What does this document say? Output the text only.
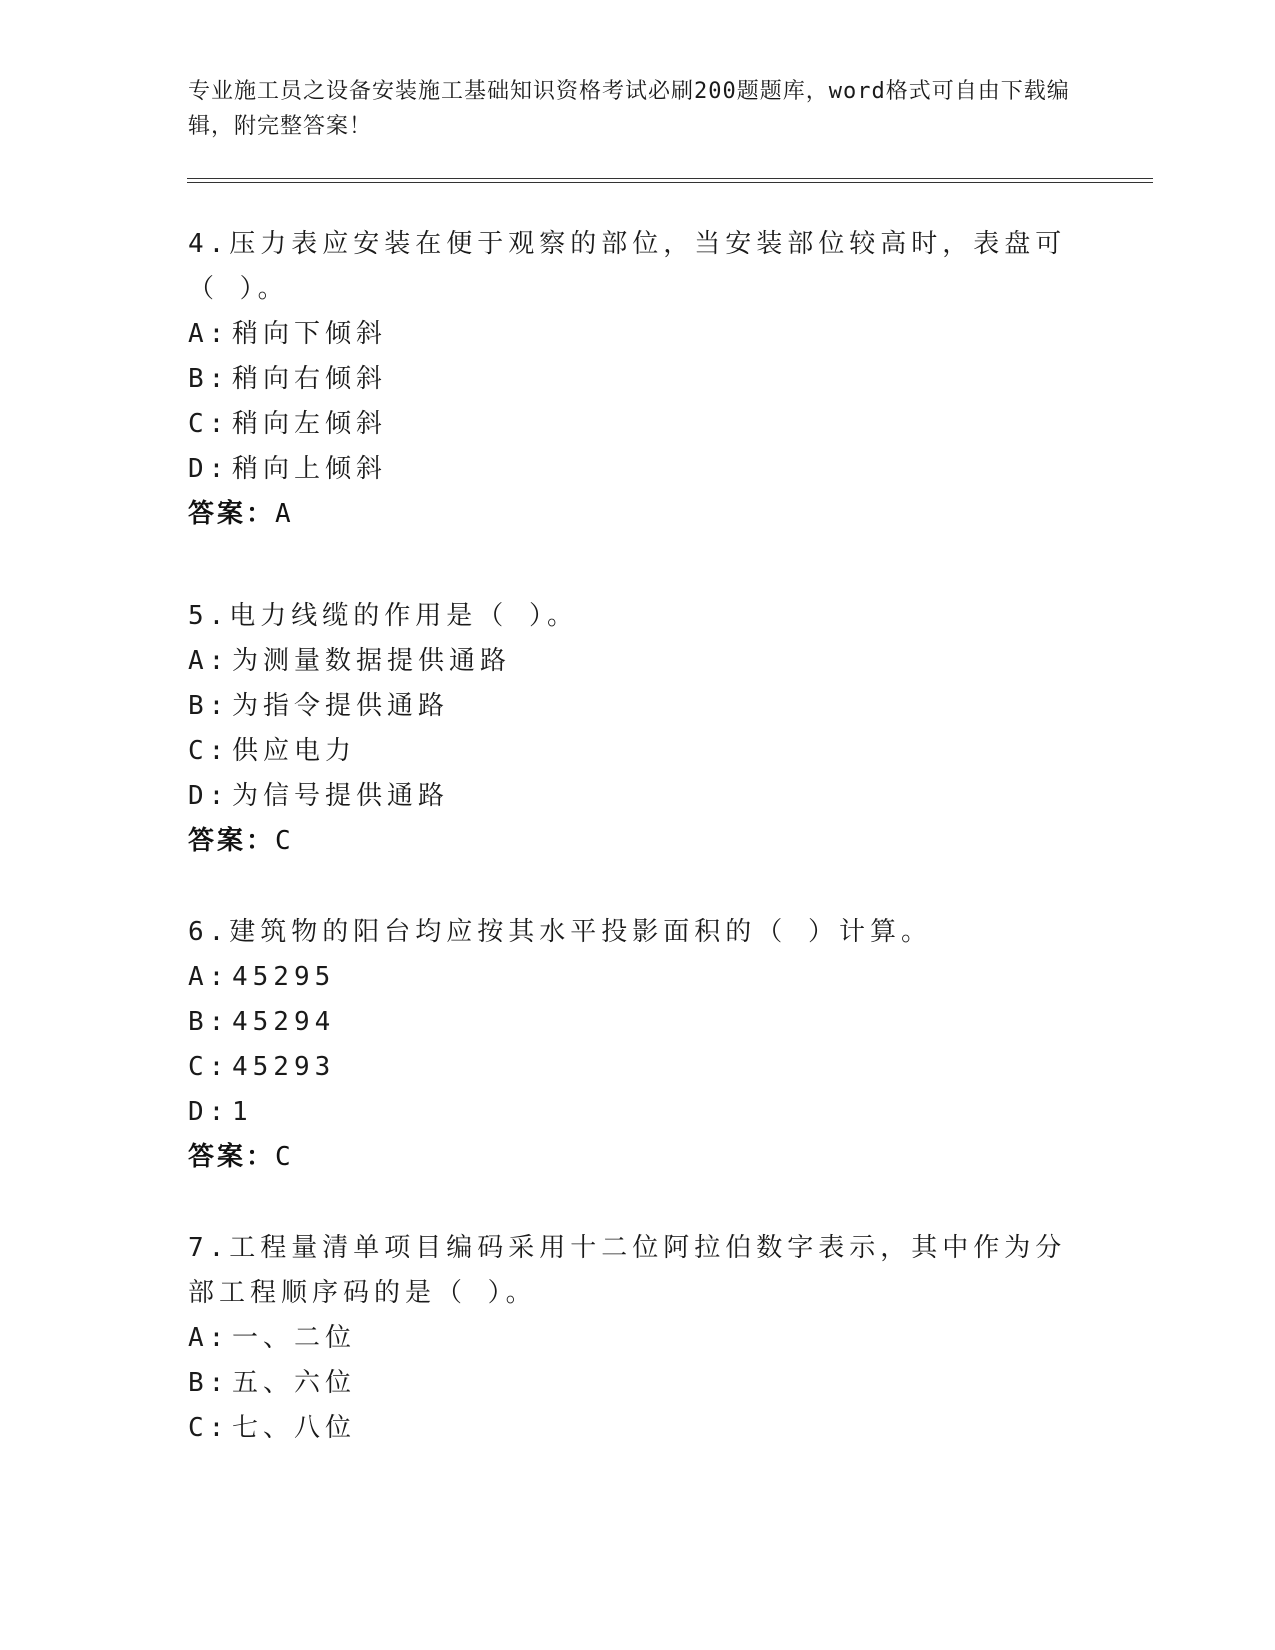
专业施工员之设备安装施工基础知识资格考试必刷200题题库，word格式可自由下载编辑，附完整答案！

4.压力表应安装在便于观察的部位，当安装部位较高时，表盘可（ ）。

A: 稍向下倾斜

B: 稍向右倾斜

C: 稍向左倾斜

D: 稍向上倾斜

答案：A

5.电力线缆的作用是（ ）。

A: 为测量数据提供通路

B: 为指令提供通路

C: 供应电力

D: 为信号提供通路

答案：C

6.建筑物的阳台均应按其水平投影面积的（ ）计算。

A: 45295

B: 45294

C: 45293

D: 1

答案：C

7.工程量清单项目编码采用十二位阿拉伯数字表示，其中作为分部工程顺序码的是（ ）。

A: 一、二位

B: 五、六位

C: 七、八位
